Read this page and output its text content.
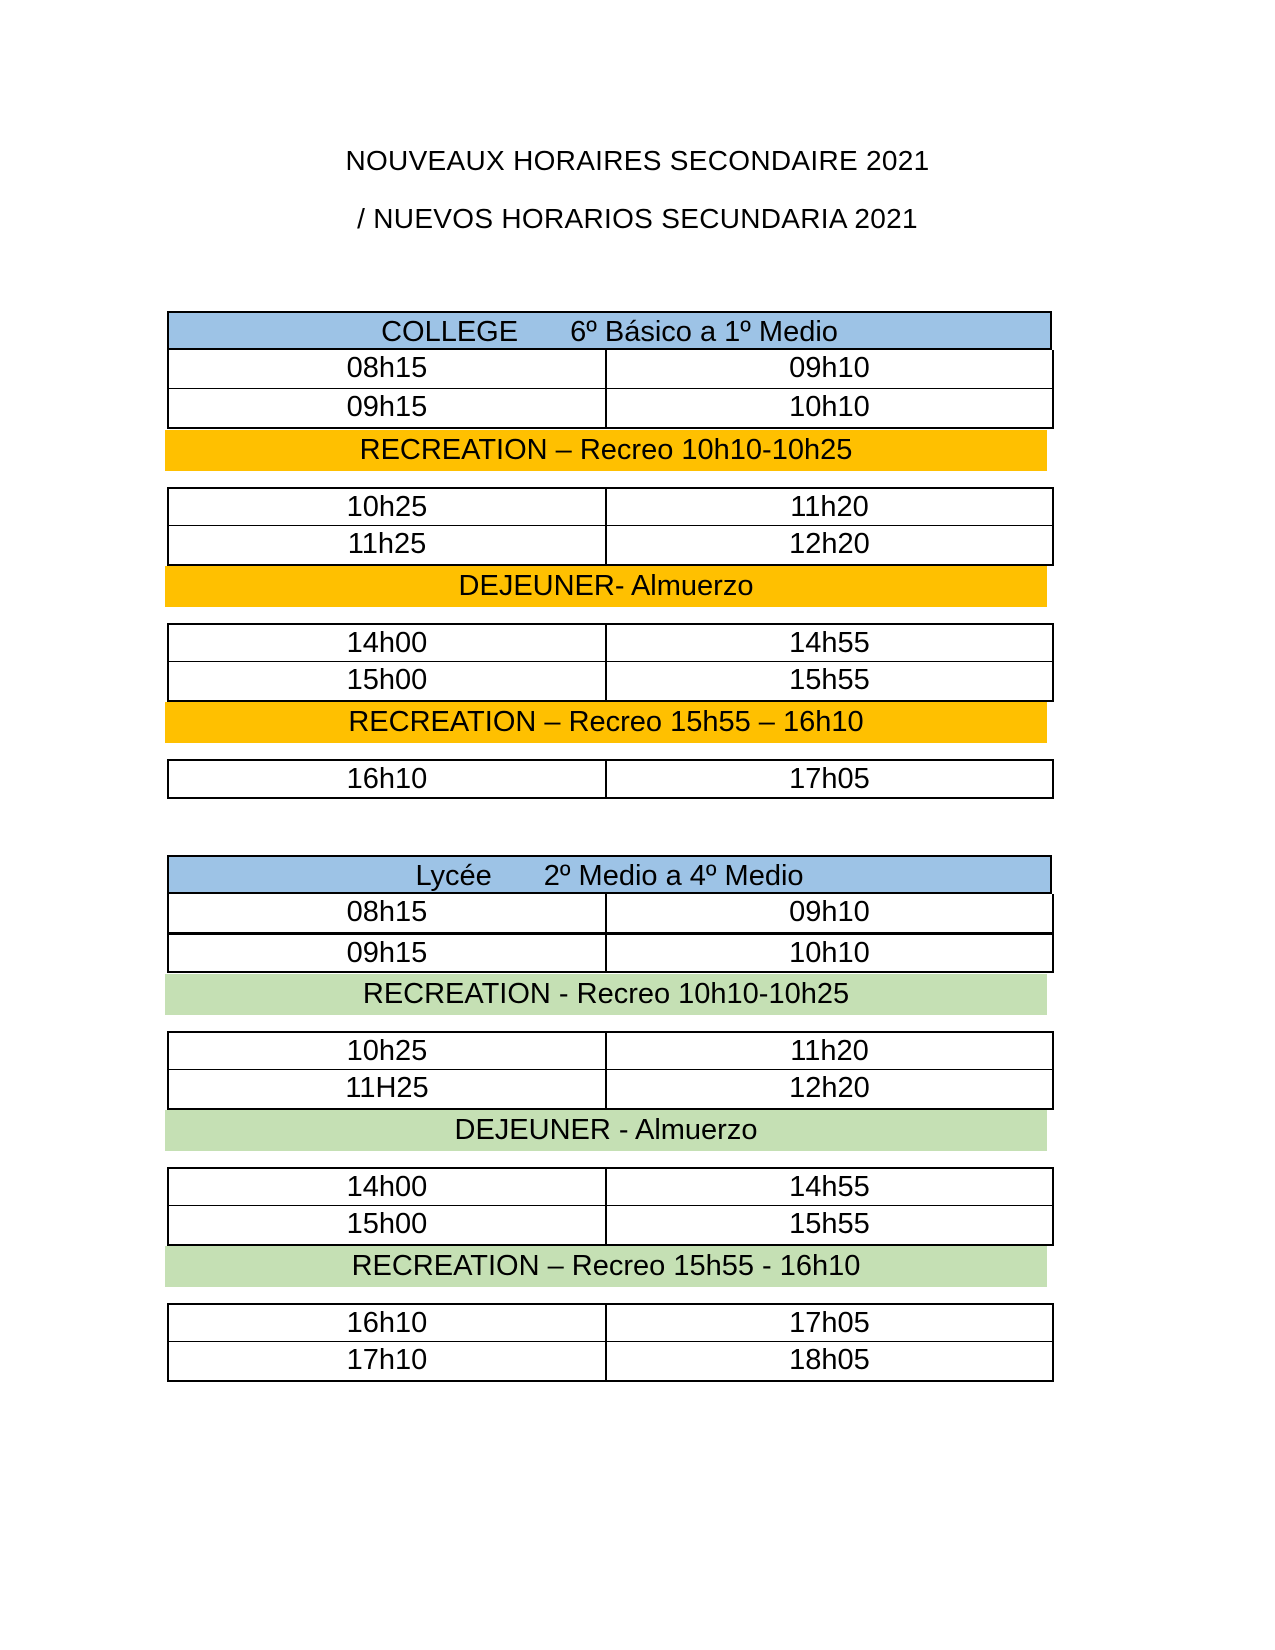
NOUVEAUX HORAIRES SECONDAIRE 2021
/ NUEVOS HORARIOS SECUNDARIA 2021
COLLEGE 6º Básico a 1º Medio
08h15	09h10
09h15	10h10
RECREATION – Recreo 10h10-10h25
10h25	11h20
11h25	12h20
DEJEUNER- Almuerzo
14h00	14h55
15h00	15h55
RECREATION – Recreo 15h55 – 16h10
16h10	17h05
Lycée 2º Medio a 4º Medio
08h15	09h10
09h15	10h10
RECREATION - Recreo 10h10-10h25
10h25	11h20
11H25	12h20
DEJEUNER - Almuerzo
14h00	14h55
15h00	15h55
RECREATION – Recreo 15h55 - 16h10
16h10	17h05
17h10	18h05
